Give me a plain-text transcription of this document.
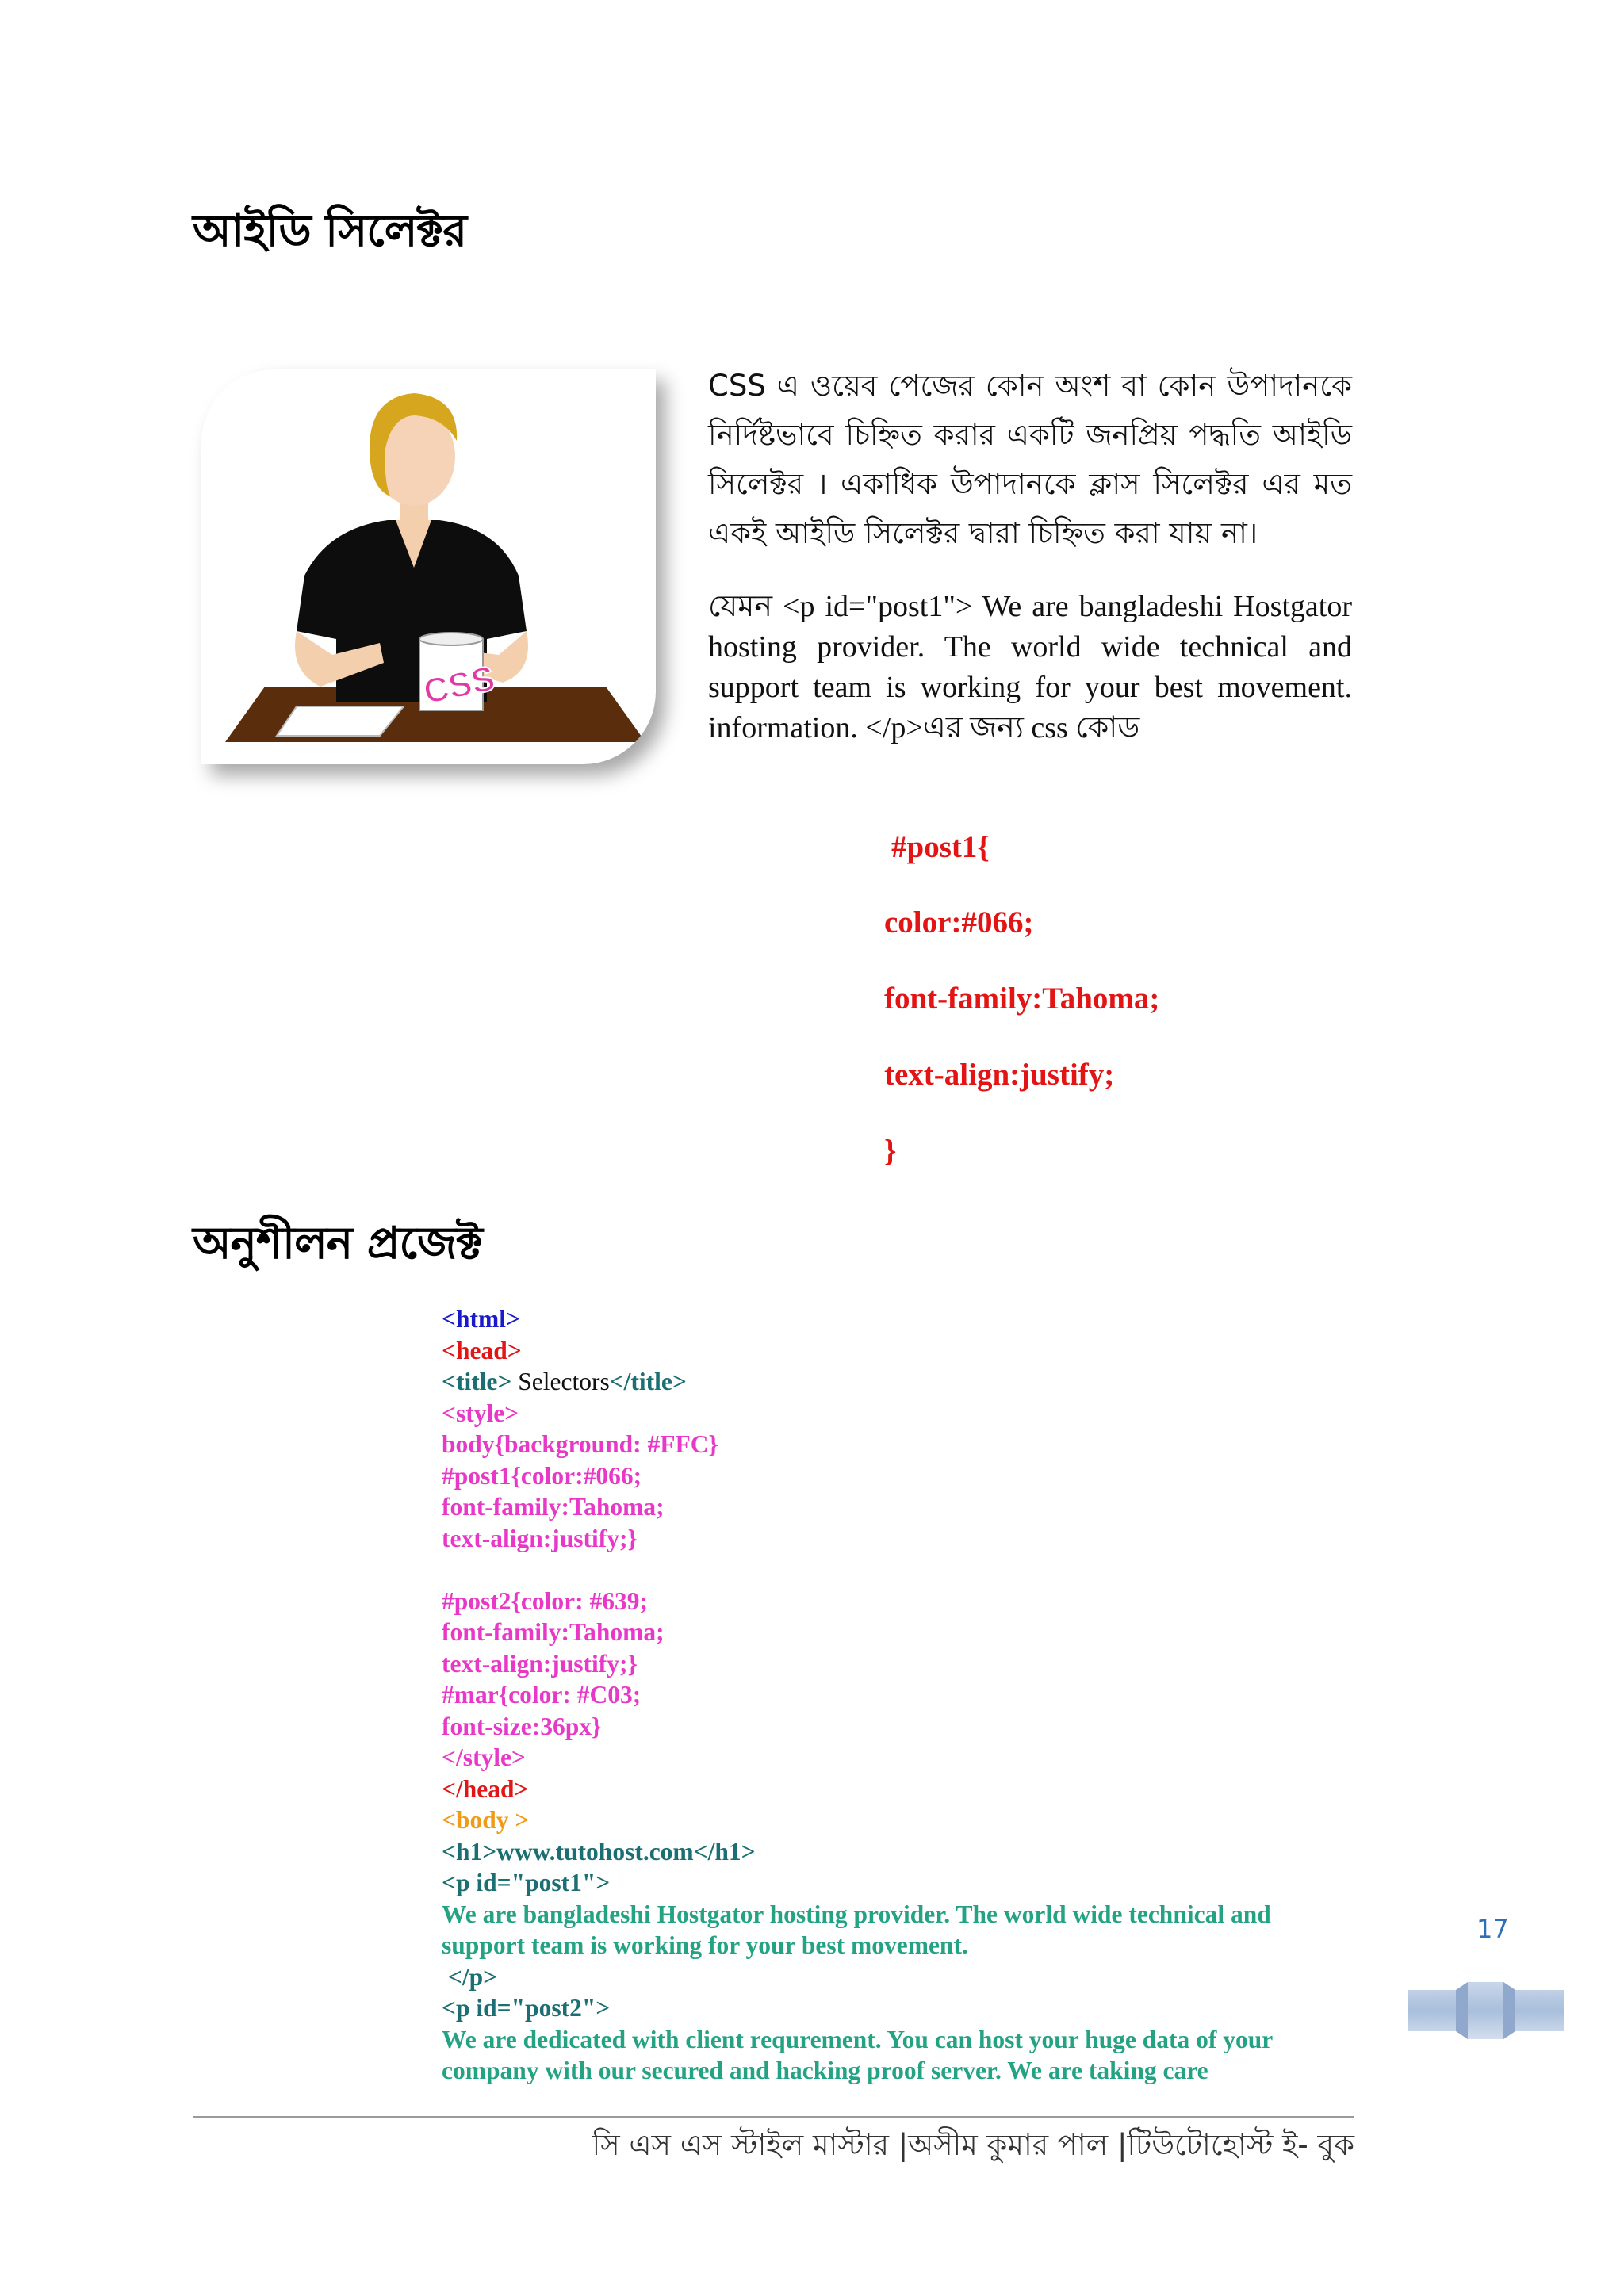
আইডি সিলেক্টর
CSS
CSS এ ওয়েব পেজের কোন অংশ বা কোন উপাদানকে নির্দিষ্টভাবে চিহ্নিত করার একটি জনপ্রিয় পদ্ধতি আইডি সিলেক্টর । একাধিক উপাদানকে ক্লাস সিলেক্টর এর মত একই আইডি সিলেক্টর দ্বারা চিহ্নিত করা যায় না।
যেমন <p id="post1"> We are bangladeshi Hostgator hosting provider. The world wide technical and support team is working for your best movement. information. </p>এর জন্য css কোড
#post1{
color:#066;
font-family:Tahoma;
text-align:justify;
}
অনুশীলন প্রজেক্ট
<html>
<head>
<title> Selectors</title>
<style>
body{background: #FFC}
#post1{color:#066;
font-family:Tahoma;
text-align:justify;}
#post2{color: #639;
font-family:Tahoma;
text-align:justify;}
#mar{color: #C03;
font-size:36px}
</style>
</head>
<body >
<h1>www.tutohost.com</h1>
<p id="post1">
We are bangladeshi Hostgator hosting provider. The world wide technical and support team is working for your best movement.
</p>
<p id="post2">
We are dedicated with client requrement. You can host your huge data of your company with our secured and hacking proof server. We are taking care
17
সি এস এস স্টাইল মাস্টার |অসীম কুমার পাল |টিউটোহোস্ট ই- বুক
